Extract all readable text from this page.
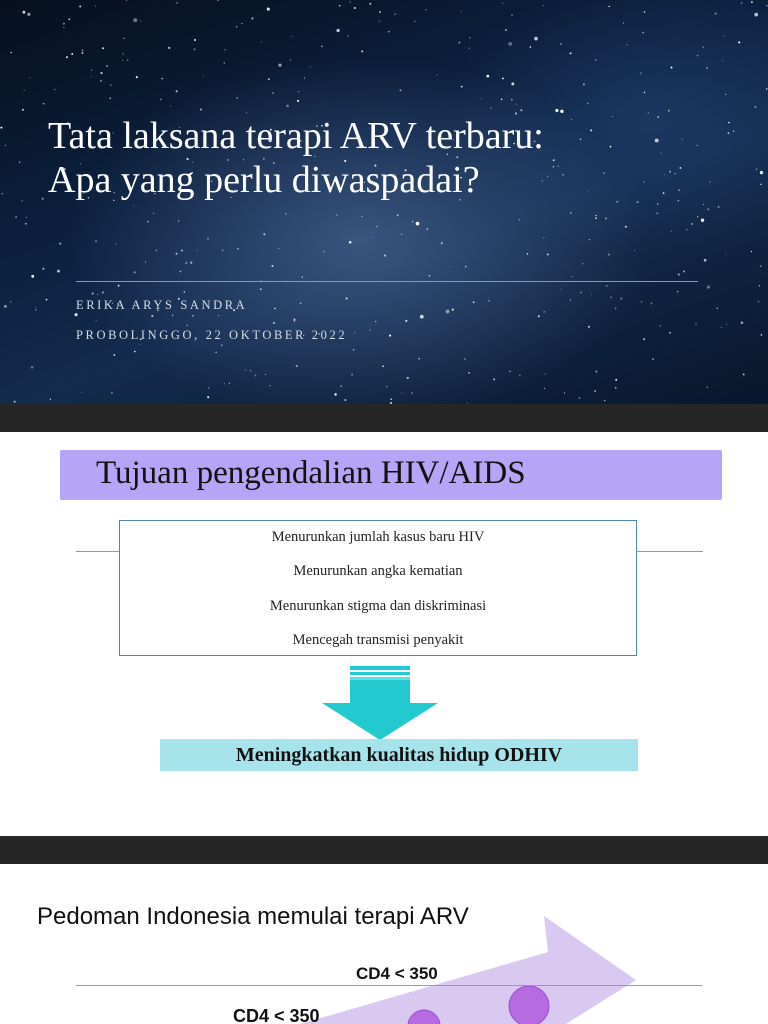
Tata laksana terapi ARV terbaru:
Apa yang perlu diwaspadai?
ERIKA ARYS SANDRA
PROBOLINGGO, 22 OKTOBER 2022
Tujuan pengendalian HIV/AIDS
Menurunkan jumlah kasus baru HIV
Menurunkan angka kematian
Menurunkan stigma dan diskriminasi
Mencegah transmisi penyakit
Meningkatkan kualitas hidup ODHIV
Pedoman Indonesia memulai terapi ARV
CD4 < 350
CD4 < 350
